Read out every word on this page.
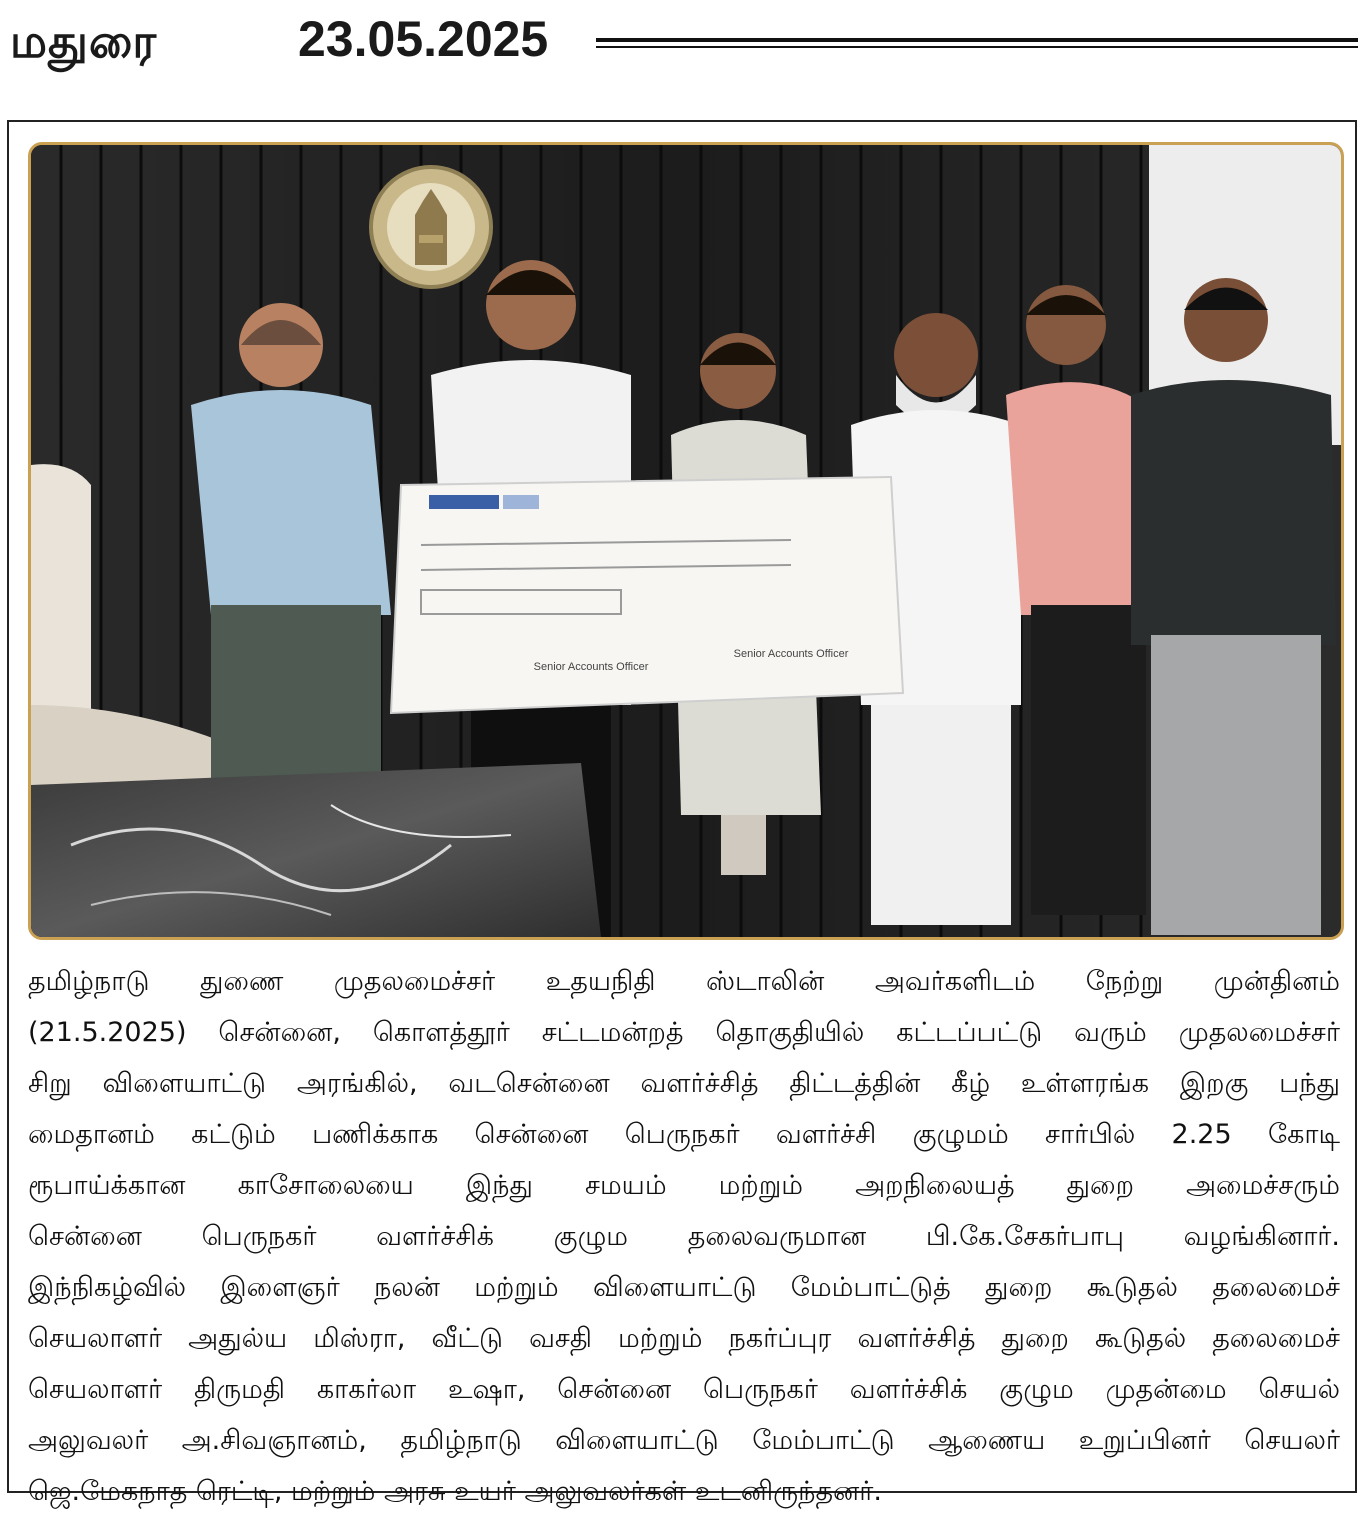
மதுரை	23.05.2025
Senior Accounts Officer
Senior Accounts Officer

தமிழ்நாடு துணை முதலமைச்சர் உதயநிதி ஸ்டாலின் அவர்களிடம் நேற்று முன்தினம்

(21.5.2025) சென்னை, கொளத்தூர் சட்டமன்றத் தொகுதியில் கட்டப்பட்டு வரும் முதலமைச்சர்

சிறு விளையாட்டு அரங்கில், வடசென்னை வளர்ச்சித் திட்டத்தின் கீழ் உள்ளரங்க இறகு பந்து

மைதானம் கட்டும் பணிக்காக சென்னை பெருநகர் வளர்ச்சி குழுமம் சார்பில் 2.25 கோடி

ரூபாய்க்கான காசோலையை இந்து சமயம் மற்றும் அறநிலையத் துறை அமைச்சரும்

சென்னை பெருநகர் வளர்ச்சிக் குழும தலைவருமான பி.கே.சேகர்பாபு வழங்கினார்.

இந்நிகழ்வில் இளைஞர் நலன் மற்றும் விளையாட்டு மேம்பாட்டுத் துறை கூடுதல் தலைமைச்

செயலாளர் அதுல்ய மிஸ்ரா, வீட்டு வசதி மற்றும் நகர்ப்புர வளர்ச்சித் துறை கூடுதல் தலைமைச்

செயலாளர் திருமதி காகர்லா உஷா, சென்னை பெருநகர் வளர்ச்சிக் குழும முதன்மை செயல்

அலுவலர் அ.சிவஞானம், தமிழ்நாடு விளையாட்டு மேம்பாட்டு ஆணைய உறுப்பினர் செயலர்

ஜெ.மேகநாத ரெட்டி, மற்றும் அரசு உயர் அலுவலர்கள் உடனிருந்தனர்.
